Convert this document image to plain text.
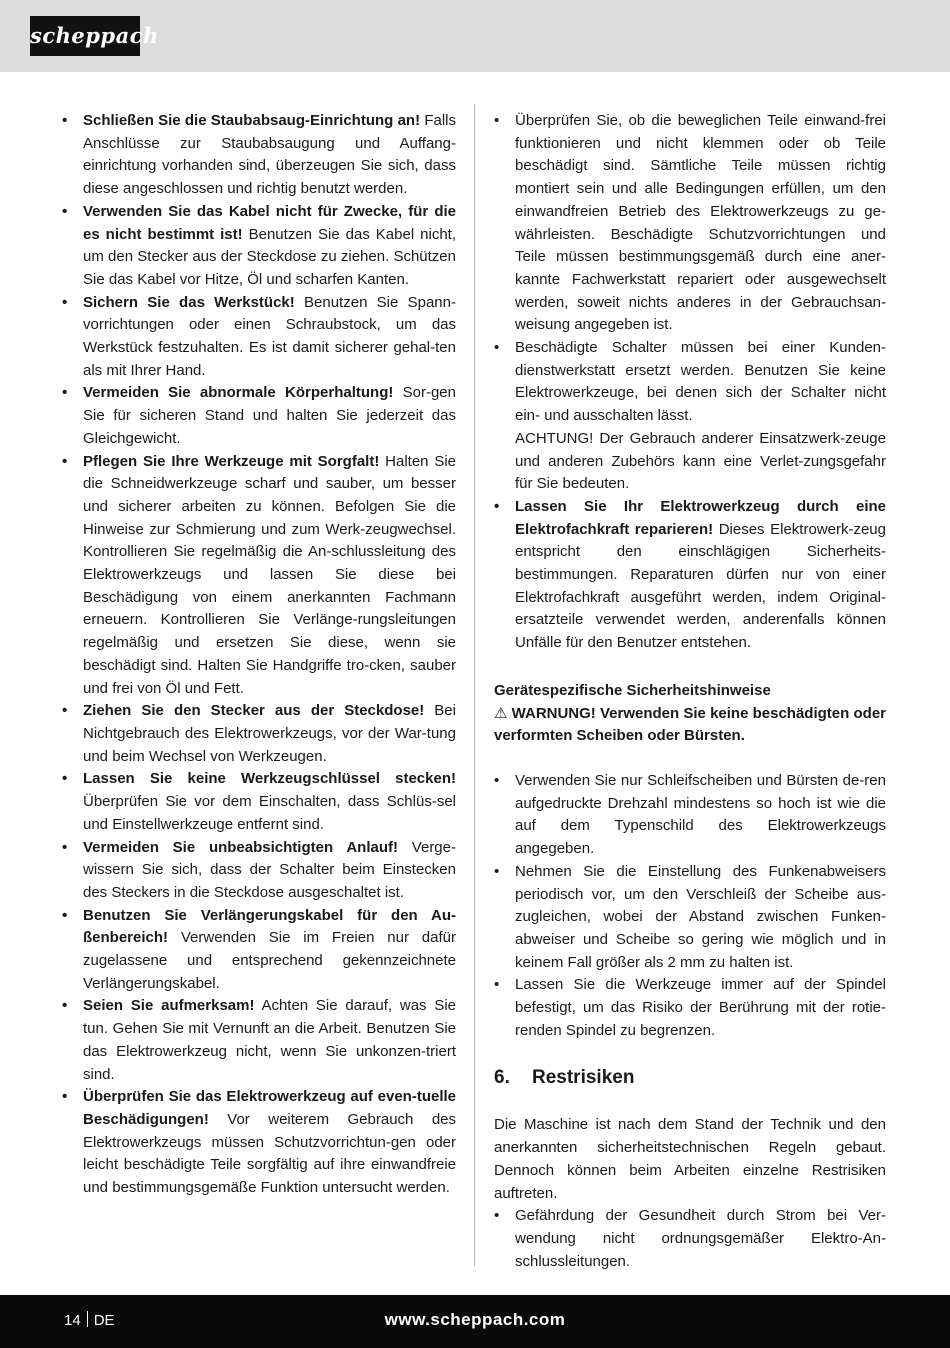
scheppach
•	Schließen Sie die Staubabsaug-Einrichtung an! Falls Anschlüsse zur Staubabsaugung und Auffang-einrichtung vorhanden sind, überzeugen Sie sich, dass diese angeschlossen und richtig benutzt werden.
•	Verwenden Sie das Kabel nicht für Zwecke, für die es nicht bestimmt ist! Benutzen Sie das Kabel nicht, um den Stecker aus der Steckdose zu ziehen. Schützen Sie das Kabel vor Hitze, Öl und scharfen Kanten.
•	Sichern Sie das Werkstück! Benutzen Sie Spann-vorrichtungen oder einen Schraubstock, um das Werkstück festzuhalten. Es ist damit sicherer gehal-ten als mit Ihrer Hand.
•	Vermeiden Sie abnormale Körperhaltung! Sor-gen Sie für sicheren Stand und halten Sie jederzeit das Gleichgewicht.
•	Pflegen Sie Ihre Werkzeuge mit Sorgfalt! Halten Sie die Schneidwerkzeuge scharf und sauber, um besser und sicherer arbeiten zu können. Befolgen Sie die Hinweise zur Schmierung und zum Werk-zeugwechsel. Kontrollieren Sie regelmäßig die An-schlussleitung des Elektrowerkzeugs und lassen Sie diese bei Beschädigung von einem anerkannten Fachmann erneuern. Kontrollieren Sie Verlänge-rungsleitungen regelmäßig und ersetzen Sie diese, wenn sie beschädigt sind. Halten Sie Handgriffe tro-cken, sauber und frei von Öl und Fett.
•	Ziehen Sie den Stecker aus der Steckdose! Bei Nichtgebrauch des Elektrowerkzeugs, vor der War-tung und beim Wechsel von Werkzeugen.
•	Lassen Sie keine Werkzeugschlüssel stecken! Überprüfen Sie vor dem Einschalten, dass Schlüs-sel und Einstellwerkzeuge entfernt sind.
•	Vermeiden Sie unbeabsichtigten Anlauf! Verge-wissern Sie sich, dass der Schalter beim Einstecken des Steckers in die Steckdose ausgeschaltet ist.
•	Benutzen Sie Verlängerungskabel für den Au-ßenbereich! Verwenden Sie im Freien nur dafür zugelassene und entsprechend gekennzeichnete Verlängerungskabel.
•	Seien Sie aufmerksam! Achten Sie darauf, was Sie tun. Gehen Sie mit Vernunft an die Arbeit. Benutzen Sie das Elektrowerkzeug nicht, wenn Sie unkonzen-triert sind.
•	Überprüfen Sie das Elektrowerkzeug auf even-tuelle Beschädigungen! Vor weiterem Gebrauch des Elektrowerkzeugs müssen Schutzvorrichtun-gen oder leicht beschädigte Teile sorgfältig auf ihre einwandfreie und bestimmungsgemäße Funktion untersucht werden.
•	Überprüfen Sie, ob die beweglichen Teile einwand-frei funktionieren und nicht klemmen oder ob Teile beschädigt sind. Sämtliche Teile müssen richtig montiert sein und alle Bedingungen erfüllen, um den einwandfreien Betrieb des Elektrowerkzeugs zu ge-währleisten. Beschädigte Schutzvorrichtungen und Teile müssen bestimmungsgemäß durch eine aner-kannte Fachwerkstatt repariert oder ausgewechselt werden, soweit nichts anderes in der Gebrauchsan-weisung angegeben ist.
•	Beschädigte Schalter müssen bei einer Kunden-dienstwerkstatt ersetzt werden. Benutzen Sie keine Elektrowerkzeuge, bei denen sich der Schalter nicht ein- und ausschalten lässt.
ACHTUNG! Der Gebrauch anderer Einsatzwerk-zeuge und anderen Zubehörs kann eine Verlet-zungsgefahr für Sie bedeuten.
•	Lassen Sie Ihr Elektrowerkzeug durch eine Elektrofachkraft reparieren! Dieses Elektrowerk-zeug entspricht den einschlägigen Sicherheits-bestimmungen. Reparaturen dürfen nur von einer Elektrofachkraft ausgeführt werden, indem Original-ersatzteile verwendet werden, anderenfalls können Unfälle für den Benutzer entstehen.
Gerätespezifische Sicherheitshinweise
⚠ WARNUNG! Verwenden Sie keine beschädigten oder verformten Scheiben oder Bürsten.
•	Verwenden Sie nur Schleifscheiben und Bürsten de-ren aufgedruckte Drehzahl mindestens so hoch ist wie die auf dem Typenschild des Elektrowerkzeugs angegeben.
•	Nehmen Sie die Einstellung des Funkenabweisers periodisch vor, um den Verschleiß der Scheibe aus-zugleichen, wobei der Abstand zwischen Funken-abweiser und Scheibe so gering wie möglich und in keinem Fall größer als 2 mm zu halten ist.
•	Lassen Sie die Werkzeuge immer auf der Spindel befestigt, um das Risiko der Berührung mit der rotie-renden Spindel zu begrenzen.
6. Restrisiken
Die Maschine ist nach dem Stand der Technik und den anerkannten sicherheitstechnischen Regeln gebaut. Dennoch können beim Arbeiten einzelne Restrisiken auftreten.
•	Gefährdung der Gesundheit durch Strom bei Ver-wendung nicht ordnungsgemäßer Elektro-An-schlussleitungen.
14 DE	www.scheppach.com
